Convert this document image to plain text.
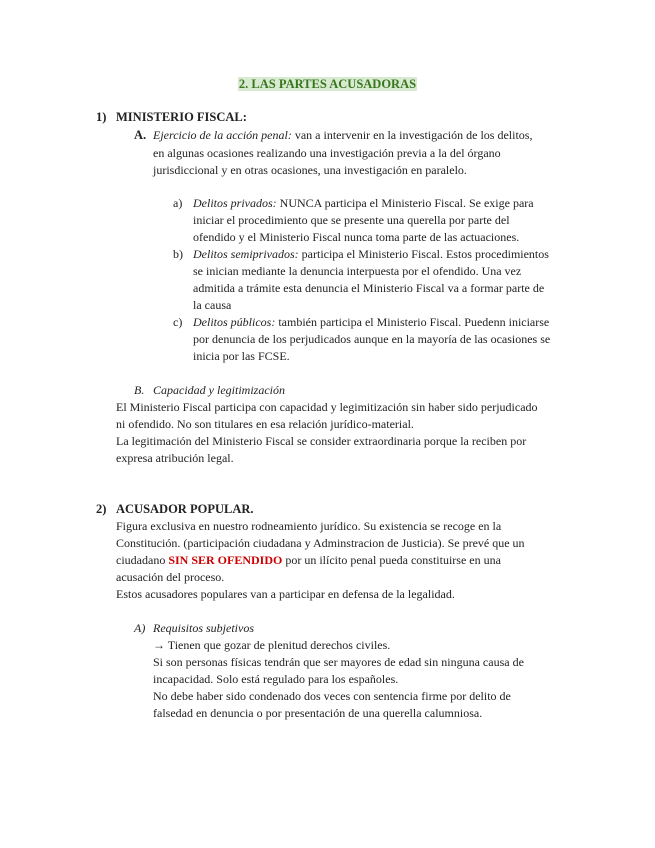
2. LAS PARTES ACUSADORAS
1) MINISTERIO FISCAL:
A. Ejercicio de la acción penal: van a intervenir en la investigación de los delitos,
en algunas ocasiones realizando una investigación previa a la del órgano
jurisdiccional y en otras ocasiones, una investigación en paralelo.
a) Delitos privados: NUNCA participa el Ministerio Fiscal. Se exige para
iniciar el procedimiento que se presente una querella por parte del
ofendido y el Ministerio Fiscal nunca toma parte de las actuaciones.
b) Delitos semiprivados: participa el Ministerio Fiscal. Estos procedimientos
se inician mediante la denuncia interpuesta por el ofendido. Una vez
admitida a trámite esta denuncia el Ministerio Fiscal va a formar parte de
la causa
c) Delitos públicos: también participa el Ministerio Fiscal. Puedenn iniciarse
por denuncia de los perjudicados aunque en la mayoría de las ocasiones se
inicia por las FCSE.
B. Capacidad y legitimización
El Ministerio Fiscal participa con capacidad y legimitización sin haber sido perjudicado
ni ofendido. No son titulares en esa relación jurídico-material.
La legitimación del Ministerio Fiscal se consider extraordinaria porque la reciben por
expresa atribución legal.
2) ACUSADOR POPULAR.
Figura exclusiva en nuestro rodneamiento jurídico. Su existencia se recoge en la
Constitución. (participación ciudadana y Adminstracion de Justicia). Se prevé que un
ciudadano SIN SER OFENDIDO por un ilícito penal pueda constituirse en una
acusación del proceso.
Estos acusadores populares van a participar en defensa de la legalidad.
A) Requisitos subjetivos
→ Tienen que gozar de plenitud derechos civiles.
Si son personas físicas tendrán que ser mayores de edad sin ninguna causa de
incapacidad. Solo está regulado para los españoles.
No debe haber sido condenado dos veces con sentencia firme por delito de
falsedad en denuncia o por presentación de una querella calumniosa.
